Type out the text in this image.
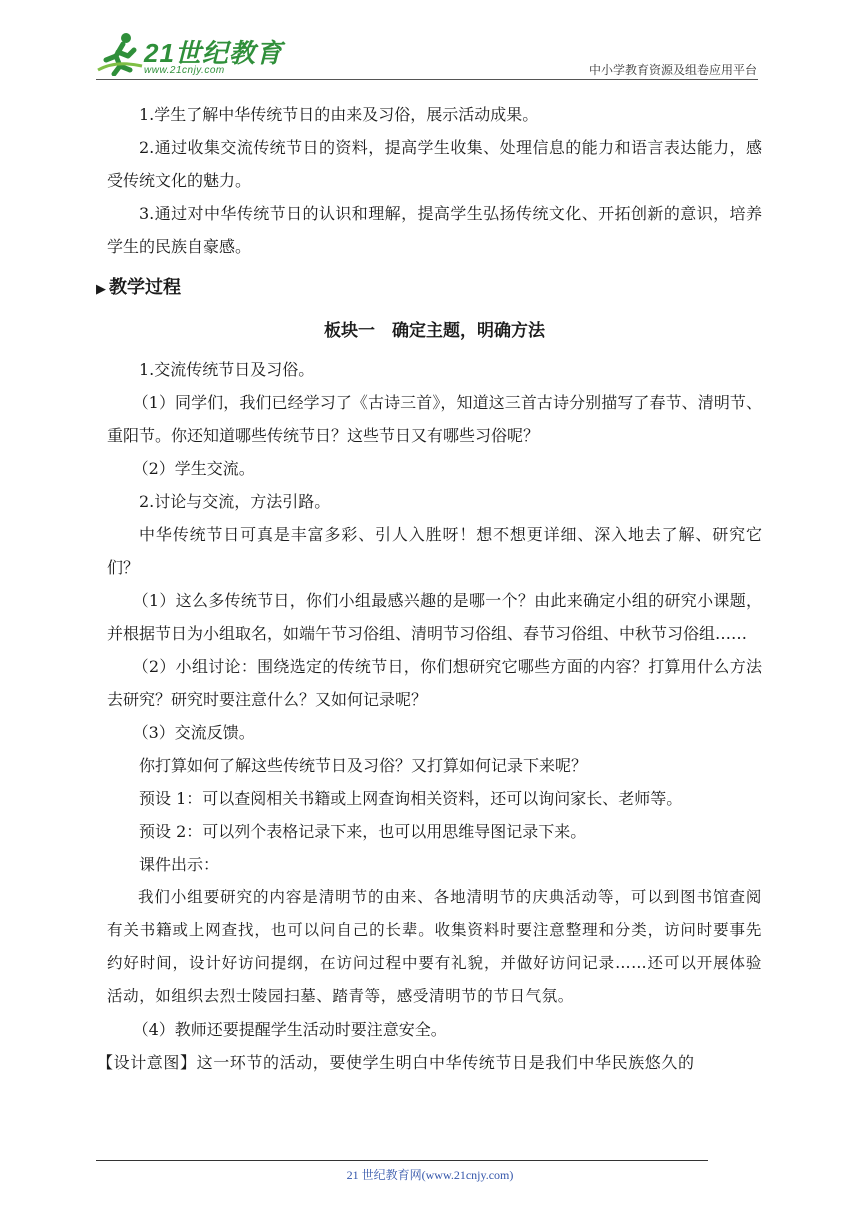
21世纪教育
www.21cnjy.com	中小学教育资源及组卷应用平台

1.学生了解中华传统节日的由来及习俗，展示活动成果。

2.通过收集交流传统节日的资料，提高学生收集、处理信息的能力和语言表达能力，感受传统文化的魅力。

3.通过对中华传统节日的认识和理解，提高学生弘扬传统文化、开拓创新的意识，培养学生的民族自豪感。

▶ 教学过程
板块一　确定主题，明确方法

1.交流传统节日及习俗。

（1）同学们，我们已经学习了《古诗三首》，知道这三首古诗分别描写了春节、清明节、重阳节。你还知道哪些传统节日？这些节日又有哪些习俗呢？

（2）学生交流。

2.讨论与交流，方法引路。

中华传统节日可真是丰富多彩、引人入胜呀！想不想更详细、深入地去了解、研究它们？

（1）这么多传统节日，你们小组最感兴趣的是哪一个？由此来确定小组的研究小课题，并根据节日为小组取名，如端午节习俗组、清明节习俗组、春节习俗组、中秋节习俗组……

（2）小组讨论：围绕选定的传统节日，你们想研究它哪些方面的内容？打算用什么方法去研究？研究时要注意什么？又如何记录呢？

（3）交流反馈。

你打算如何了解这些传统节日及习俗？又打算如何记录下来呢？

预设 1：可以查阅相关书籍或上网查询相关资料，还可以询问家长、老师等。

预设 2：可以列个表格记录下来，也可以用思维导图记录下来。

课件出示：

我们小组要研究的内容是清明节的由来、各地清明节的庆典活动等，可以到图书馆查阅有关书籍或上网查找，也可以问自己的长辈。收集资料时要注意整理和分类，访问时要事先约好时间，设计好访问提纲，在访问过程中要有礼貌，并做好访问记录……还可以开展体验活动，如组织去烈士陵园扫墓、踏青等，感受清明节的节日气氛。

（4）教师还要提醒学生活动时要注意安全。

【设计意图】这一环节的活动，要使学生明白中华传统节日是我们中华民族悠久的

21 世纪教育网(www.21cnjy.com)
